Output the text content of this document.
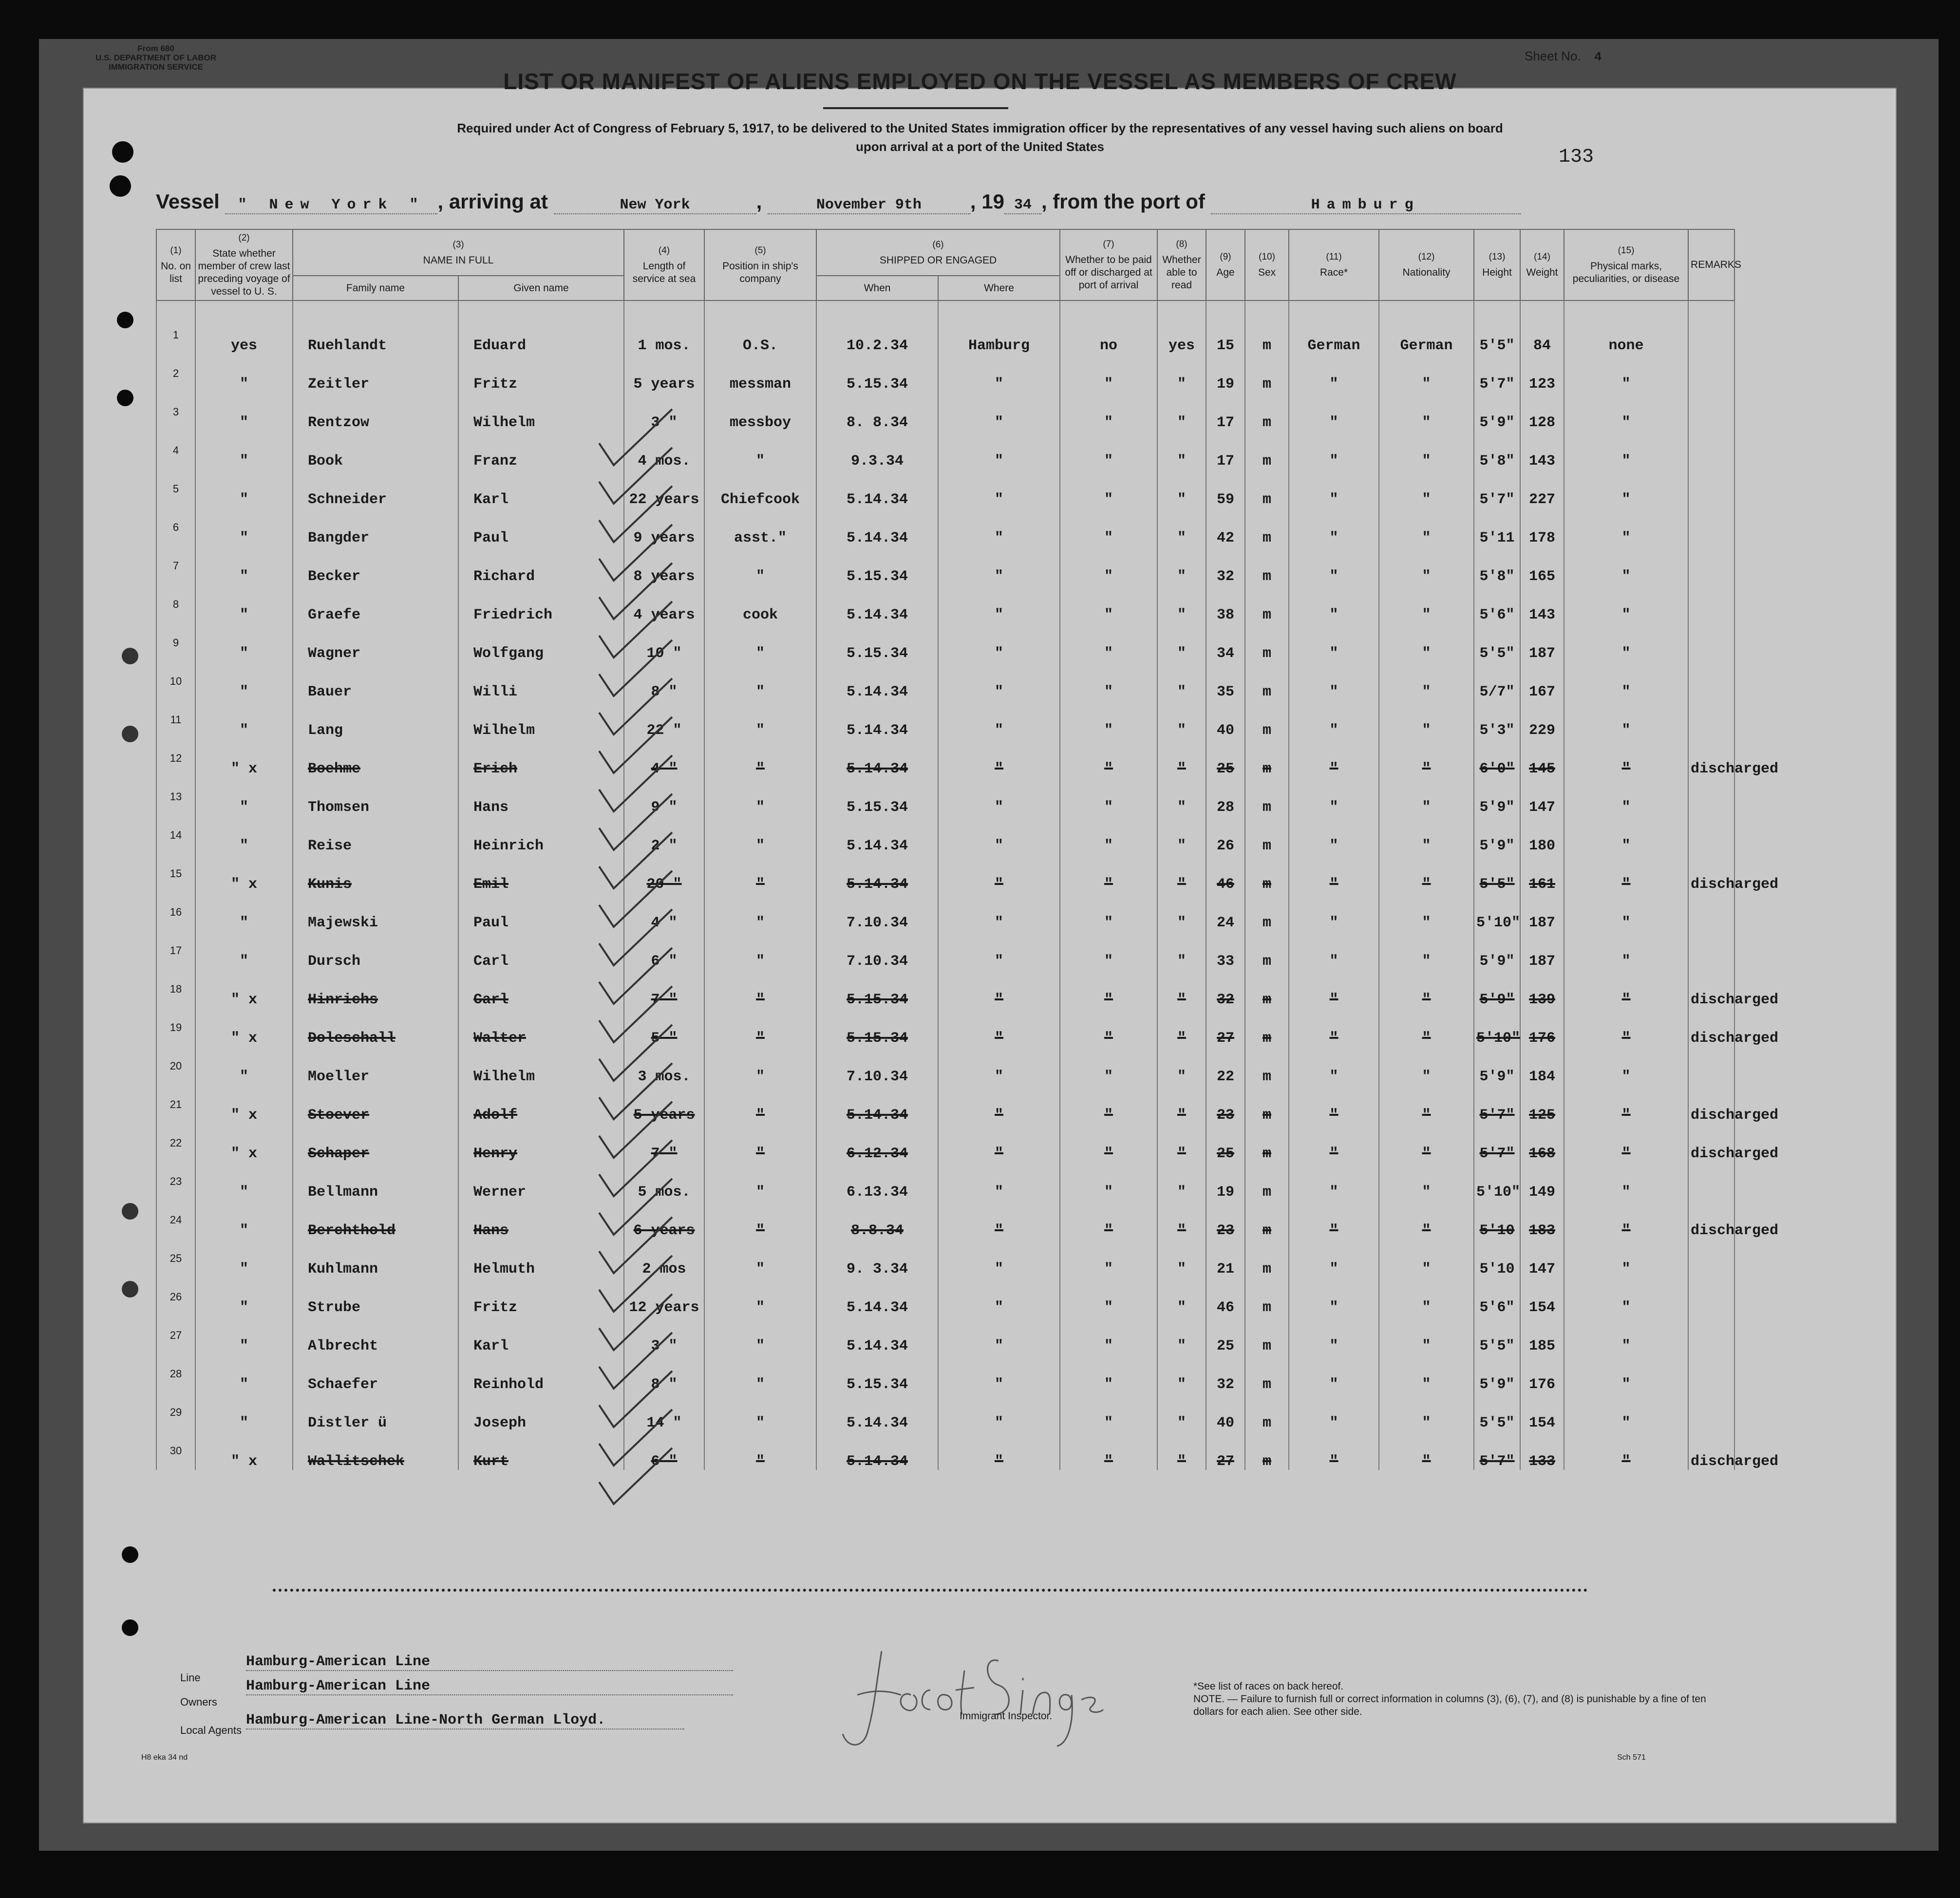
From 680
U.S. DEPARTMENT OF LABOR
IMMIGRATION SERVICE
Sheet No. 4
LIST OR MANIFEST OF ALIENS EMPLOYED ON THE VESSEL AS MEMBERS OF CREW
Required under Act of Congress of February 5, 1917, to be delivered to the United States immigration officer by the representatives of any vessel having such aliens on board
upon arrival at a port of the United States	133
Vessel " New York " , arriving at	New York	,	November 9th , 19 34 , from the port of	Hamburg
(1)
No. on list	(2)
State whether member of crew last preceding voyage of vessel to U. S.	(3)
NAME IN FULL		(4)
Length of service at sea	(5)
Position in ship's company	(6)
SHIPPED OR ENGAGED		(7)
Whether to be paid off or discharged at port of arrival	(8)
Whether able to read	(9)
Age	(10)
Sex	(11)
Race*	(12)
Nationality	(13)
Height	(14)
Weight	(15)
Physical marks, peculiarities, or disease	REMARKS
		Family name	Given name			When	Where										
1	yes	Ruehlandt	Eduard	1 mos.	O.S.	10.2.34	Hamburg	no	yes	15	m	German	German	5'5"	84	none	
2	"	Zeitler	Fritz	5 years	messman	5.15.34	"	"	"	19	m	"	"	5'7"	123	"	
3	"	Rentzow	Wilhelm	3 "	messboy	8. 8.34	"	"	"	17	m	"	"	5'9"	128	"	
4	"	Book	Franz	4 mos.	"	9.3.34	"	"	"	17	m	"	"	5'8"	143	"	
5	"	Schneider	Karl	22 years	Chiefcook	5.14.34	"	"	"	59	m	"	"	5'7"	227	"	
6	"	Bangder	Paul	9 years	asst."	5.14.34	"	"	"	42	m	"	"	5'11	178	"	
7	"	Becker	Richard	8 years	"	5.15.34	"	"	"	32	m	"	"	5'8"	165	"	
8	"	Graefe	Friedrich	4 years	cook	5.14.34	"	"	"	38	m	"	"	5'6"	143	"	
9	"	Wagner	Wolfgang	10 "	"	5.15.34	"	"	"	34	m	"	"	5'5"	187	"	
10	"	Bauer	Willi	8 "	"	5.14.34	"	"	"	35	m	"	"	5/7"	167	"	
11	"	Lang	Wilhelm	22 "	"	5.14.34	"	"	"	40	m	"	"	5'3"	229	"	
12	" x	Boehme	Erich	4 "	"	5.14.34	"	"	"	25	m	"	"	6'0"	145	"	discharged
13	"	Thomsen	Hans	9 "	"	5.15.34	"	"	"	28	m	"	"	5'9"	147	"	
14	"	Reise	Heinrich	2 "	"	5.14.34	"	"	"	26	m	"	"	5'9"	180	"	
15	" x	Kunis	Emil	20 "	"	5.14.34	"	"	"	46	m	"	"	5'5"	161	"	discharged
16	"	Majewski	Paul	4 "	"	7.10.34	"	"	"	24	m	"	"	5'10"	187	"	
17	"	Dursch	Carl	6 "	"	7.10.34	"	"	"	33	m	"	"	5'9"	187	"	
18	" x	Hinrichs	Carl	7 "	"	5.15.34	"	"	"	32	m	"	"	5'9"	139	"	discharged
19	" x	Doleschall	Walter	5 "	"	5.15.34	"	"	"	27	m	"	"	5'10"	176	"	discharged
20	"	Moeller	Wilhelm	3 mos.	"	7.10.34	"	"	"	22	m	"	"	5'9"	184	"	
21	" x	Stoever	Adolf	5 years	"	5.14.34	"	"	"	23	m	"	"	5'7"	125	"	discharged
22	" x	Schaper	Henry	7 "	"	6.12.34	"	"	"	25	m	"	"	5'7"	168	"	discharged
23	"	Bellmann	Werner	5 mos.	"	6.13.34	"	"	"	19	m	"	"	5'10"	149	"	
24	"	Berchthold	Hans	6 years	"	8.8.34	"	"	"	23	m	"	"	5'10	183	"	discharged
25	"	Kuhlmann	Helmuth	2 mos	"	9. 3.34	"	"	"	21	m	"	"	5'10	147	"	
26	"	Strube	Fritz	12 years	"	5.14.34	"	"	"	46	m	"	"	5'6"	154	"	
27	"	Albrecht	Karl	3 "	"	5.14.34	"	"	"	25	m	"	"	5'5"	185	"	
28	"	Schaefer	Reinhold	8 "	"	5.15.34	"	"	"	32	m	"	"	5'9"	176	"	
29	"	Distler ü	Joseph	14 "	"	5.14.34	"	"	"	40	m	"	"	5'5"	154	"	
30	" x	Wallitschek	Kurt	6 "	"	5.14.34	"	"	"	27	m	"	"	5'7"	133	"	discharged
Line
Hamburg-American Line
Owners
Hamburg-American Line
Local Agents
Hamburg-American Line-North German Lloyd.	Immigrant Inspector.
*See list of races on back hereof.
NOTE. — Failure to furnish full or correct information in columns (3), (6), (7), and (8) is punishable by a fine of ten dollars for each alien. See other side.
H8 eka 34 nd	Sch 571
